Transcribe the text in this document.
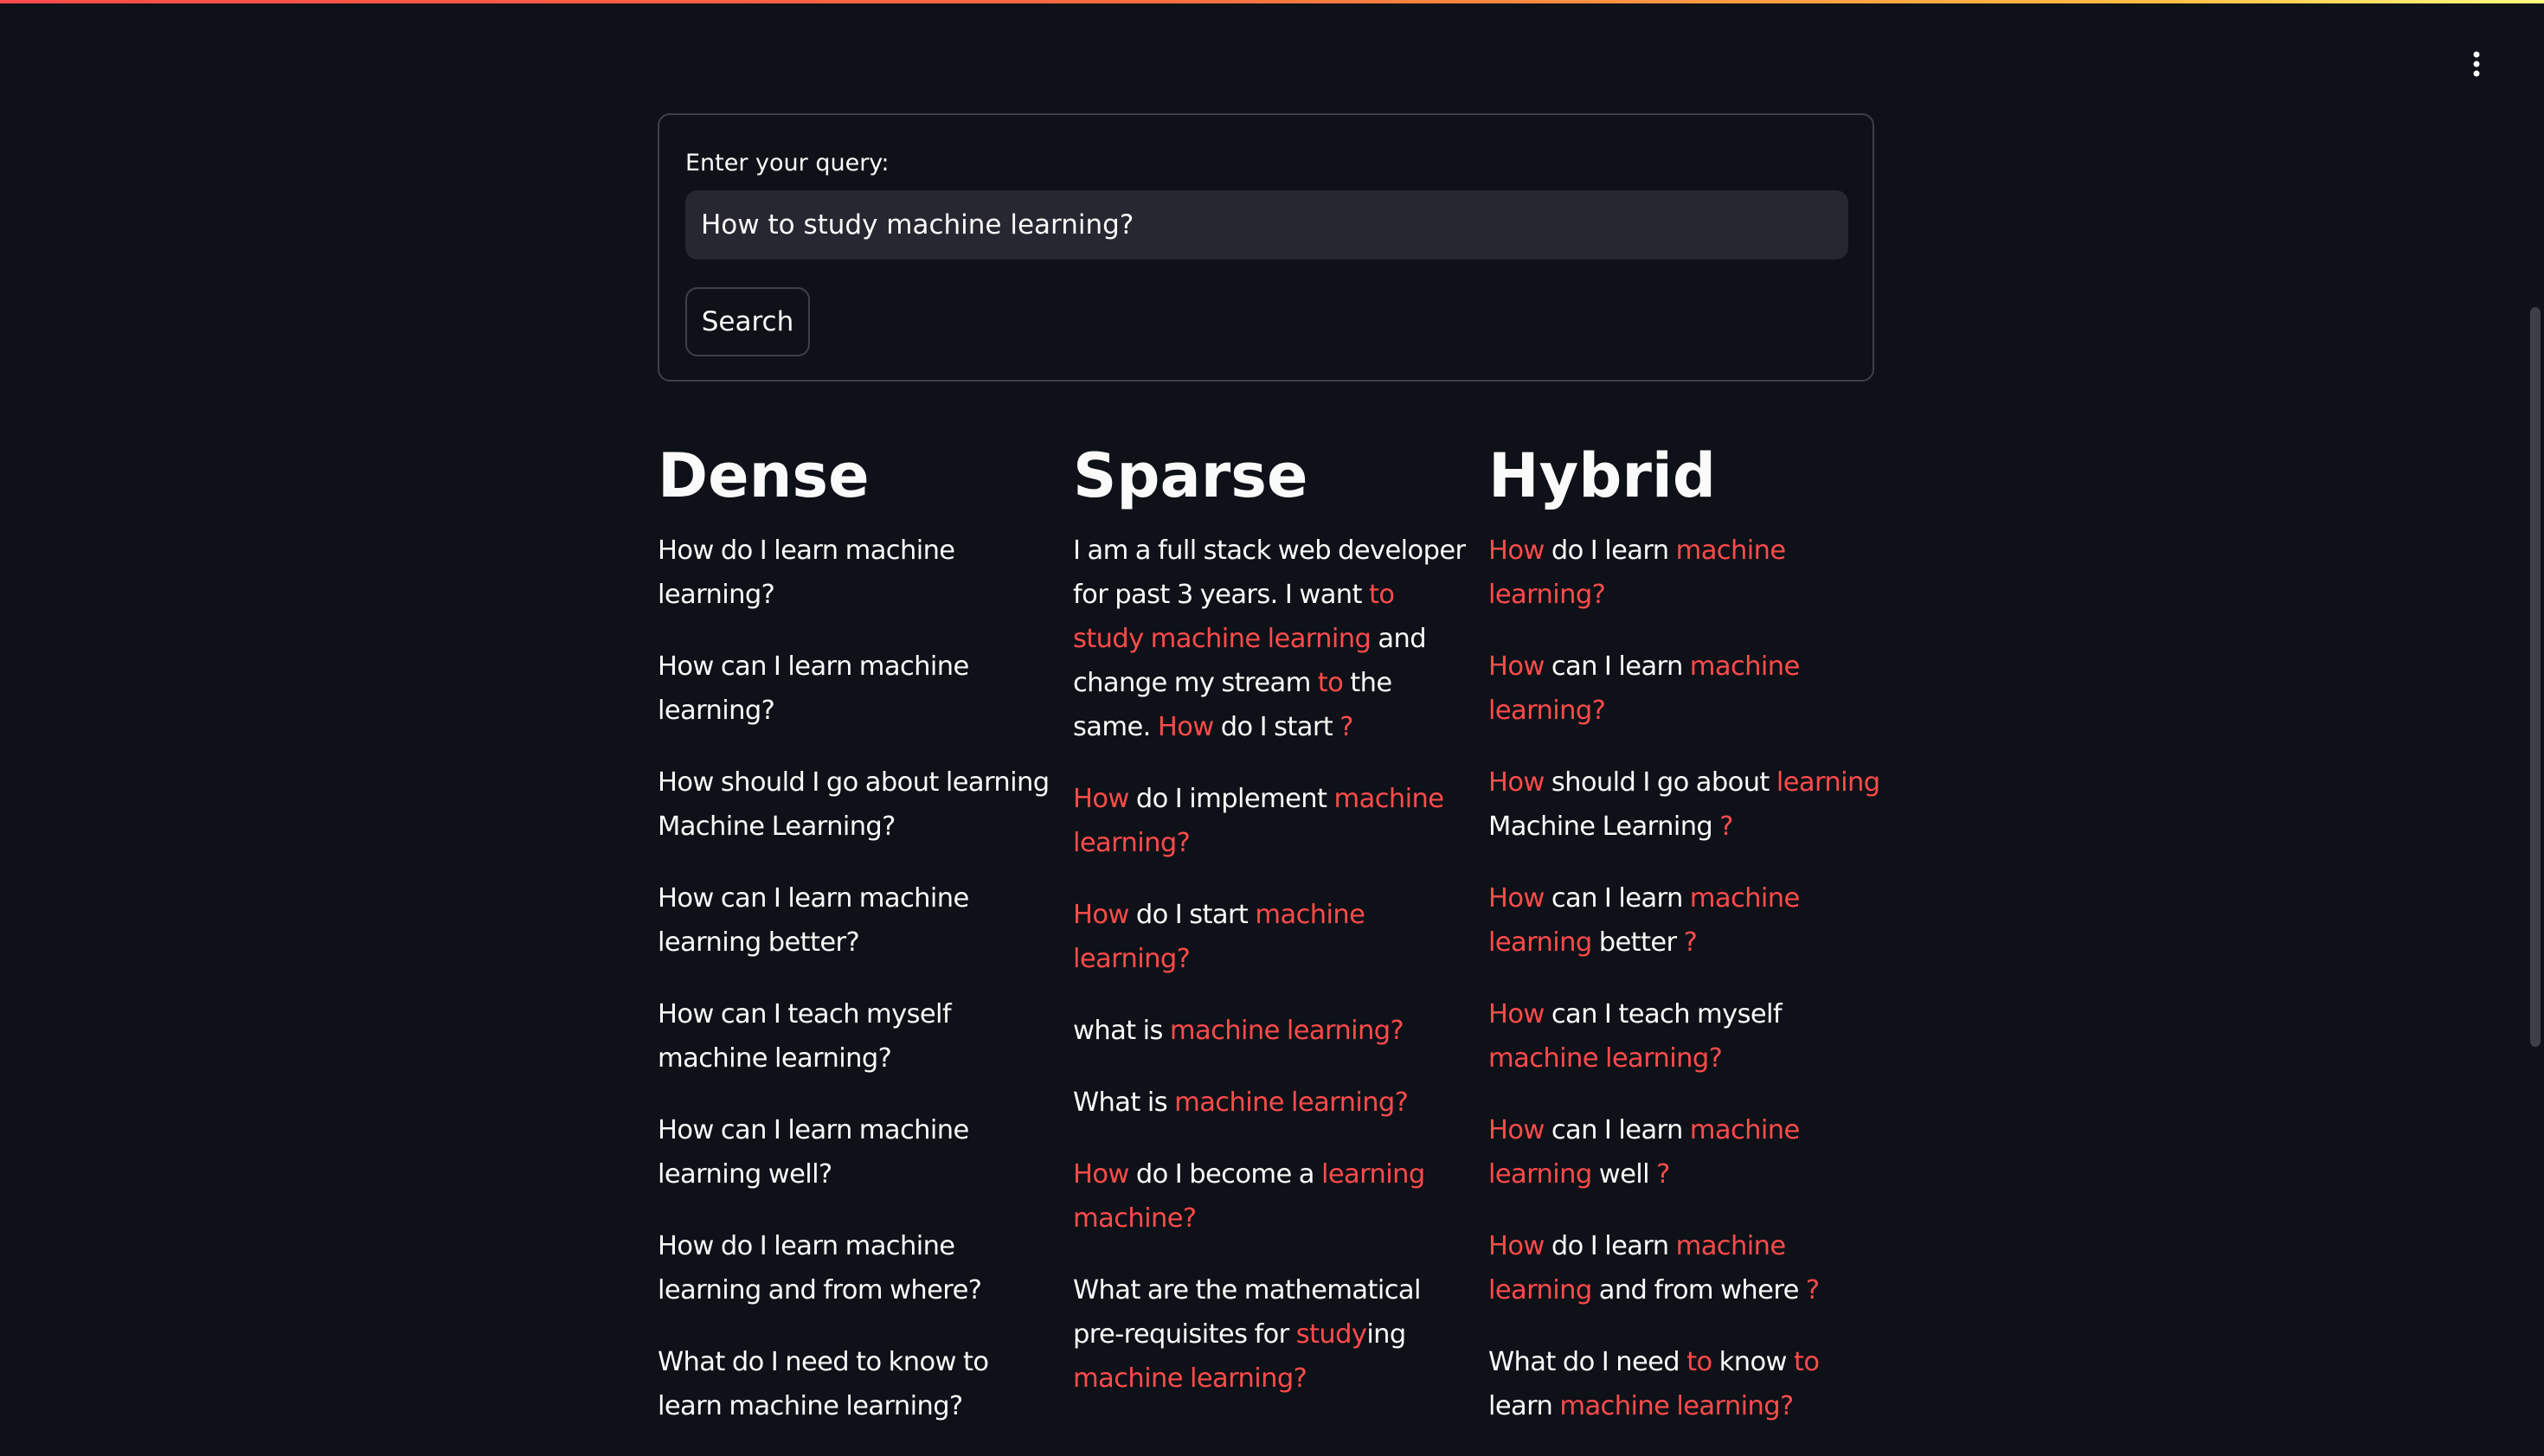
Enter your query:
How to study machine learning?
Search
Dense

How do I learn machine learning?

How can I learn machine learning?

How should I go about learning Machine Learning?

How can I learn machine learning better?

How can I teach myself machine learning?

How can I learn machine learning well?

How do I learn machine learning and from where?

What do I need to know to learn machine learning?

Sparse

I am a full stack web developer for past 3 years. I want to study machine learning and change my stream to the same. How do I start ?

How do I implement machine learning?

How do I start machine learning?

what is machine learning?

What is machine learning?

How do I become a learning machine?

What are the mathematical pre-requisites for studying machine learning?

Hybrid

How do I learn machine learning?

How can I learn machine learning?

How should I go about learning Machine Learning ?

How can I learn machine learning better ?

How can I teach myself machine learning?

How can I learn machine learning well ?

How do I learn machine learning and from where ?

What do I need to know to learn machine learning?
